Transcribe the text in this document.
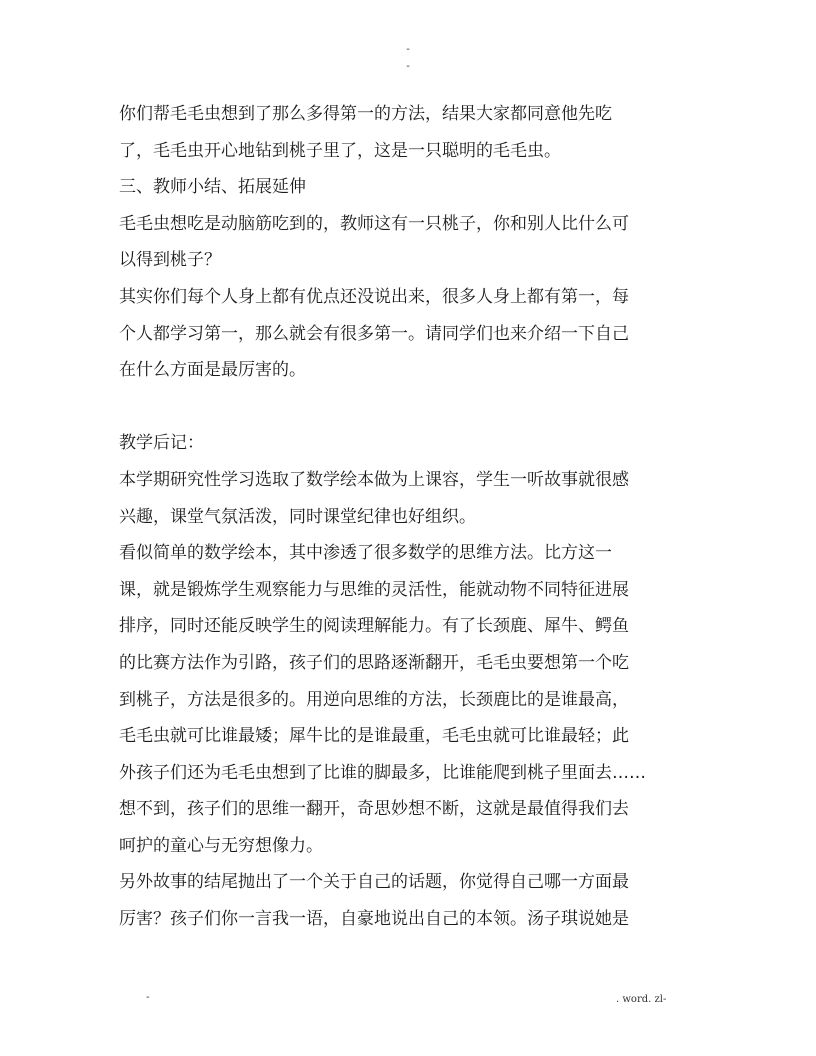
-
-
你们帮毛毛虫想到了那么多得第一的方法，结果大家都同意他先吃
了，毛毛虫开心地钻到桃子里了，这是一只聪明的毛毛虫。
三、教师小结、拓展延伸
毛毛虫想吃是动脑筋吃到的，教师这有一只桃子，你和别人比什么可
以得到桃子？
其实你们每个人身上都有优点还没说出来，很多人身上都有第一，每
个人都学习第一，那么就会有很多第一。请同学们也来介绍一下自己
在什么方面是最厉害的。
教学后记：
本学期研究性学习选取了数学绘本做为上课容，学生一听故事就很感
兴趣，课堂气氛活泼，同时课堂纪律也好组织。
看似简单的数学绘本，其中渗透了很多数学的思维方法。比方这一
课，就是锻炼学生观察能力与思维的灵活性，能就动物不同特征进展
排序，同时还能反映学生的阅读理解能力。有了长颈鹿、犀牛、鳄鱼
的比赛方法作为引路，孩子们的思路逐渐翻开，毛毛虫要想第一个吃
到桃子，方法是很多的。用逆向思维的方法，长颈鹿比的是谁最高，
毛毛虫就可比谁最矮；犀牛比的是谁最重，毛毛虫就可比谁最轻；此
外孩子们还为毛毛虫想到了比谁的脚最多，比谁能爬到桃子里面去……
想不到，孩子们的思维一翻开，奇思妙想不断，这就是最值得我们去
呵护的童心与无穷想像力。
另外故事的结尾抛出了一个关于自己的话题，你觉得自己哪一方面最
厉害？孩子们你一言我一语，自豪地说出自己的本领。汤子琪说她是
-	. word. zl-
